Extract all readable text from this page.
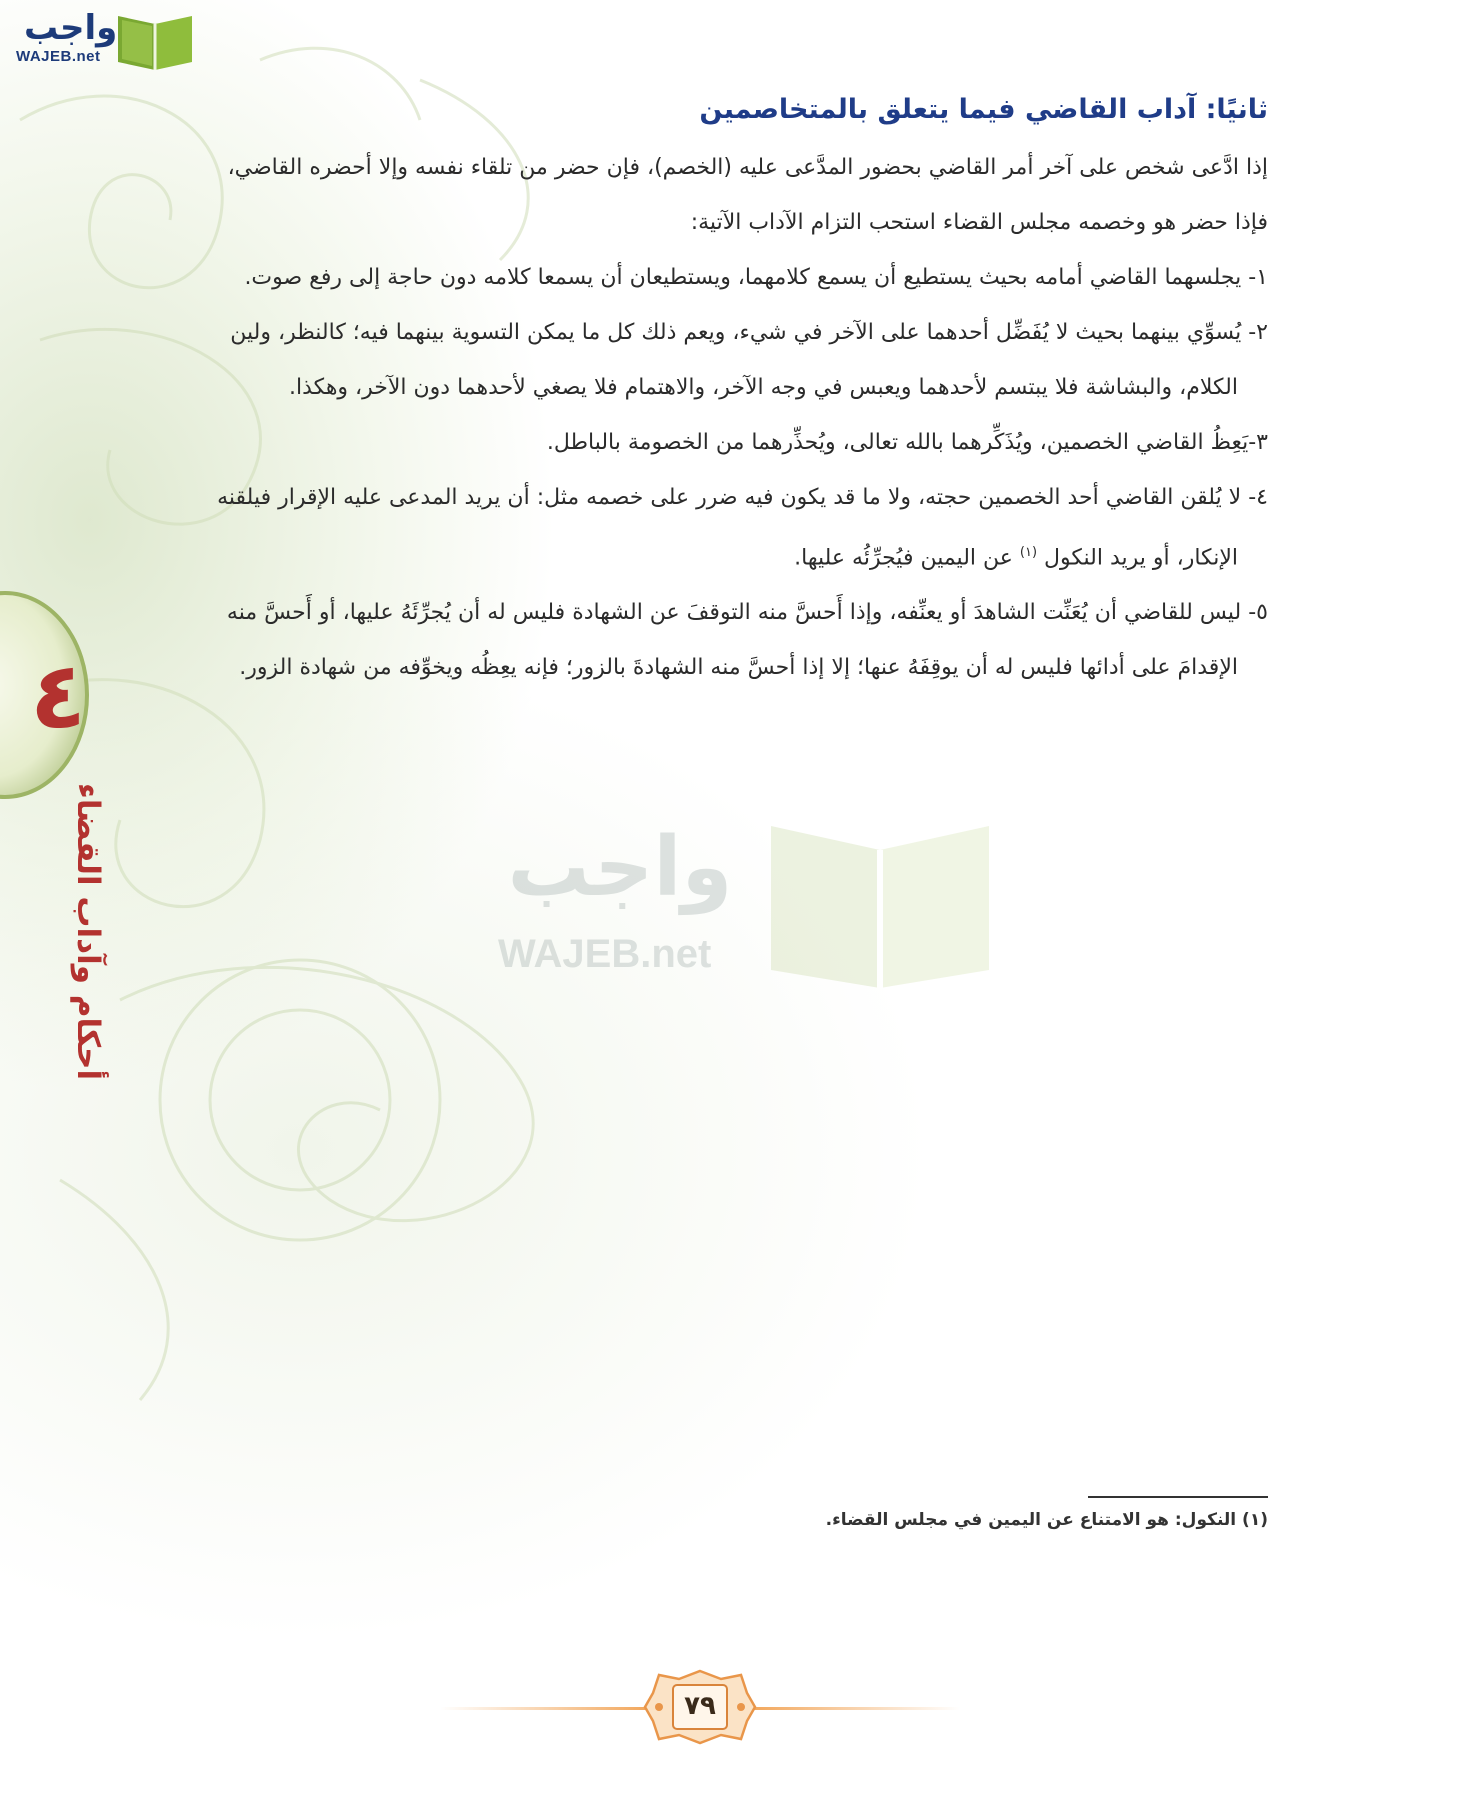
واجب
WAJEB.net
٤
أحكام وآداب القضاء
ثانيًا: آداب القاضي فيما يتعلق بالمتخاصمين

إذا ادَّعى شخص على آخر أمر القاضي بحضور المدَّعى عليه (الخصم)، فإن حضر من تلقاء نفسه وإلا أحضره القاضي،

فإذا حضر هو وخصمه مجلس القضاء استحب التزام الآداب الآتية:

١- يجلسهما القاضي أمامه بحيث يستطيع أن يسمع كلامهما، ويستطيعان أن يسمعا كلامه دون حاجة إلى رفع صوت.
٢- يُسوِّي بينهما بحيث لا يُفَضِّل أحدهما على الآخر في شيء، ويعم ذلك كل ما يمكن التسوية بينهما فيه؛ كالنظر، ولين
الكلام، والبشاشة فلا يبتسم لأحدهما ويعبس في وجه الآخر، والاهتمام فلا يصغي لأحدهما دون الآخر، وهكذا.
٣-يَعِظُ القاضي الخصمين، ويُذَكِّرهما بالله تعالى، ويُحذِّرهما من الخصومة بالباطل.
٤- لا يُلقن القاضي أحد الخصمين حجته، ولا ما قد يكون فيه ضرر على خصمه مثل: أن يريد المدعى عليه الإقرار فيلقنه
الإنكار، أو يريد النكول $^{(١)}$ عن اليمين فيُجرِّئُه عليها.
٥- ليس للقاضي أن يُعَنِّت الشاهدَ أو يعنِّفه، وإذا أَحسَّ منه التوقفَ عن الشهادة فليس له أن يُجرِّئَهُ عليها، أو أَحسَّ منه
الإقدامَ على أدائها فليس له أن يوقِفَهُ عنها؛ إلا إذا أحسَّ منه الشهادةَ بالزور؛ فإنه يعِظُه ويخوِّفه من شهادة الزور.
واجب
WAJEB.net
(١) النكول: هو الامتناع عن اليمين في مجلس القضاء.
٧٩
